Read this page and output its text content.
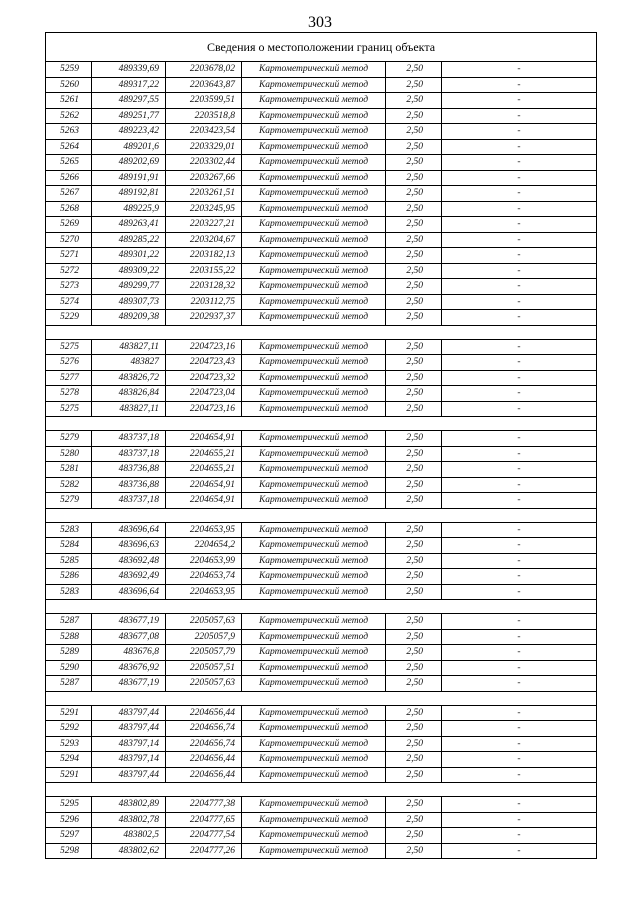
303
Сведения о местоположении границ объекта					
5259	489339,69	2203678,02	Картометрический метод	2,50	-
5260	489317,22	2203643,87	Картометрический метод	2,50	-
5261	489297,55	2203599,51	Картометрический метод	2,50	-
5262	489251,77	2203518,8	Картометрический метод	2,50	-
5263	489223,42	2203423,54	Картометрический метод	2,50	-
5264	489201,6	2203329,01	Картометрический метод	2,50	-
5265	489202,69	2203302,44	Картометрический метод	2,50	-
5266	489191,91	2203267,66	Картометрический метод	2,50	-
5267	489192,81	2203261,51	Картометрический метод	2,50	-
5268	489225,9	2203245,95	Картометрический метод	2,50	-
5269	489263,41	2203227,21	Картометрический метод	2,50	-
5270	489285,22	2203204,67	Картометрический метод	2,50	-
5271	489301,22	2203182,13	Картометрический метод	2,50	-
5272	489309,22	2203155,22	Картометрический метод	2,50	-
5273	489299,77	2203128,32	Картометрический метод	2,50	-
5274	489307,73	2203112,75	Картометрический метод	2,50	-
5229	489209,38	2202937,37	Картометрический метод	2,50	-

5275	483827,11	2204723,16	Картометрический метод	2,50	-
5276	483827	2204723,43	Картометрический метод	2,50	-
5277	483826,72	2204723,32	Картометрический метод	2,50	-
5278	483826,84	2204723,04	Картометрический метод	2,50	-
5275	483827,11	2204723,16	Картометрический метод	2,50	-

5279	483737,18	2204654,91	Картометрический метод	2,50	-
5280	483737,18	2204655,21	Картометрический метод	2,50	-
5281	483736,88	2204655,21	Картометрический метод	2,50	-
5282	483736,88	2204654,91	Картометрический метод	2,50	-
5279	483737,18	2204654,91	Картометрический метод	2,50	-

5283	483696,64	2204653,95	Картометрический метод	2,50	-
5284	483696,63	2204654,2	Картометрический метод	2,50	-
5285	483692,48	2204653,99	Картометрический метод	2,50	-
5286	483692,49	2204653,74	Картометрический метод	2,50	-
5283	483696,64	2204653,95	Картометрический метод	2,50	-

5287	483677,19	2205057,63	Картометрический метод	2,50	-
5288	483677,08	2205057,9	Картометрический метод	2,50	-
5289	483676,8	2205057,79	Картометрический метод	2,50	-
5290	483676,92	2205057,51	Картометрический метод	2,50	-
5287	483677,19	2205057,63	Картометрический метод	2,50	-

5291	483797,44	2204656,44	Картометрический метод	2,50	-
5292	483797,44	2204656,74	Картометрический метод	2,50	-
5293	483797,14	2204656,74	Картометрический метод	2,50	-
5294	483797,14	2204656,44	Картометрический метод	2,50	-
5291	483797,44	2204656,44	Картометрический метод	2,50	-

5295	483802,89	2204777,38	Картометрический метод	2,50	-
5296	483802,78	2204777,65	Картометрический метод	2,50	-
5297	483802,5	2204777,54	Картометрический метод	2,50	-
5298	483802,62	2204777,26	Картометрический метод	2,50	-
